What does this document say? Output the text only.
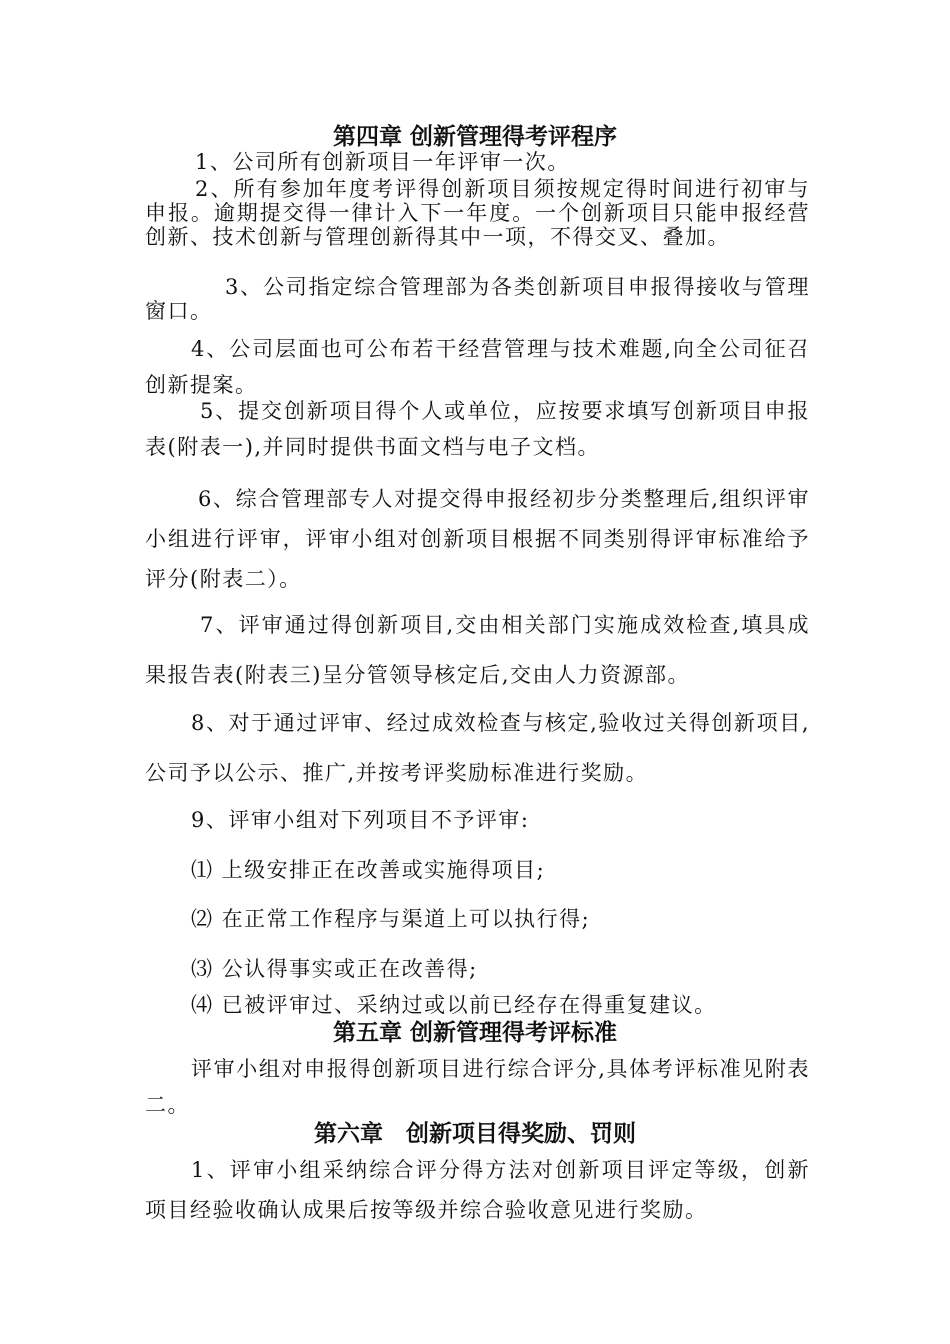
第四章 创新管理得考评程序
1、公司所有创新项目一年评审一次。
2、所有参加年度考评得创新项目须按规定得时间进行初审与申报。逾期提交得一律计入下一年度。一个创新项目只能申报经营创新、技术创新与管理创新得其中一项，不得交叉、叠加。
3、公司指定综合管理部为各类创新项目申报得接收与管理窗口。
4、公司层面也可公布若干经营管理与技术难题,向全公司征召创新提案。
5、提交创新项目得个人或单位，应按要求填写创新项目申报表(附表一),并同时提供书面文档与电子文档。
6、综合管理部专人对提交得申报经初步分类整理后,组织评审小组进行评审，评审小组对创新项目根据不同类别得评审标准给予评分(附表二）。
7、评审通过得创新项目,交由相关部门实施成效检查,填具成果报告表(附表三)呈分管领导核定后,交由人力资源部。
8、对于通过评审、经过成效检查与核定,验收过关得创新项目,公司予以公示、推广,并按考评奖励标准进行奖励。
9、评审小组对下列项目不予评审:
⑴ 上级安排正在改善或实施得项目;
⑵ 在正常工作程序与渠道上可以执行得;
⑶ 公认得事实或正在改善得;
⑷ 已被评审过、采纳过或以前已经存在得重复建议。
第五章 创新管理得考评标准
评审小组对申报得创新项目进行综合评分,具体考评标准见附表二。
第六章　创新项目得奖励、罚则
1、评审小组采纳综合评分得方法对创新项目评定等级，创新项目经验收确认成果后按等级并综合验收意见进行奖励。
